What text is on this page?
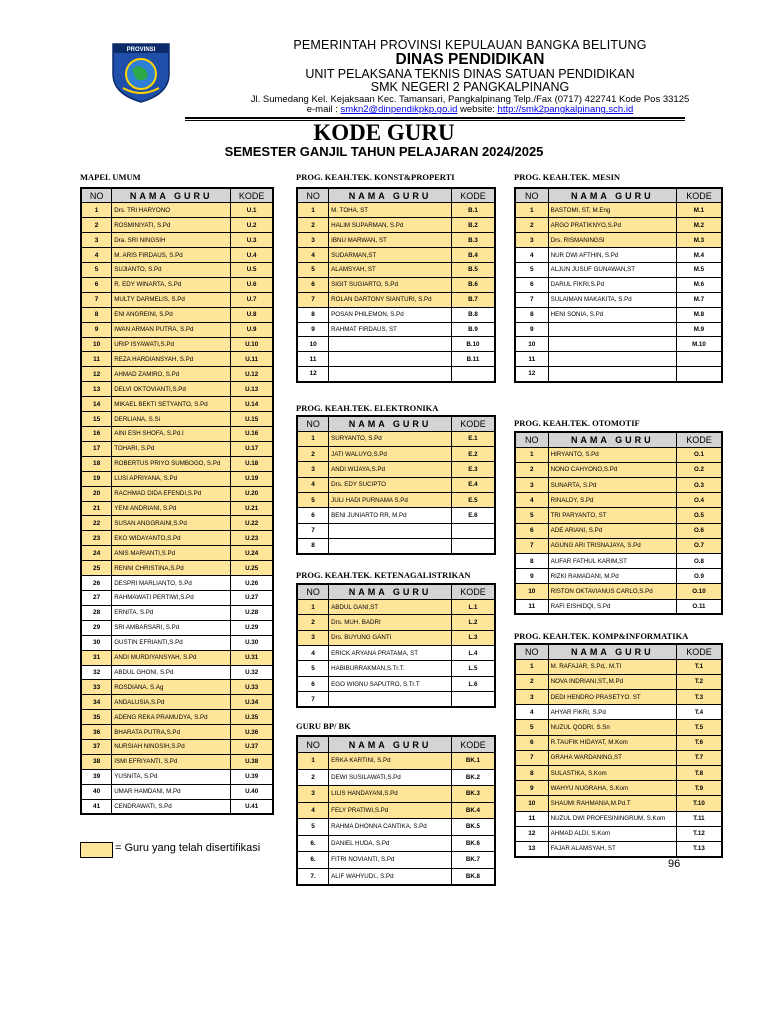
PROVINSI	PEMERINTAH PROVINSI KEPULAUAN BANGKA BELITUNG
DINAS PENDIDIKAN
UNIT PELAKSANA TEKNIS DINAS SATUAN PENDIDIKAN
SMK NEGERI 2 PANGKALPINANG
Jl. Sumedang Kel. Kejaksaan Kec. Tamansari, Pangkalpinang Telp./Fax (0717) 422741 Kode Pos 33125
e-mail : smkn2@dinpendikpkp.go.id website: http://smk2pangkalpinang.sch.id
KODE GURU
SEMESTER GANJIL TAHUN PELAJARAN 2024/2025
MAPEL UMUM	PROG. KEAH.TEK. KONST&PROPERTI	PROG. KEAH.TEK. MESIN
PROG. KEAH.TEK. ELEKTRONIKA
PROG. KEAH.TEK. OTOMOTIF
PROG. KEAH.TEK. KETENAGALISTRIKAN
PROG. KEAH.TEK. KOMP&INFORMATIKA
GURU BP/ BK
NO	NAMA GURU	KODE
1	Drs. TRI HARYONO	U.1
2	ROSMINIYATI, S.Pd	U.2
3	Dra. SRI NINGSIH	U.3
4	M. ARIS FIRDAUS, S.Pd	U.4
5	SUJIANTO, S.Pd	U.5
6	R. EDY WINARTA, S.Pd	U.6
7	MULTY DARMELIS, S.Pd	U.7
8	ENI ANGREINI, S.Pd	U.8
9	IWAN ARMAN PUTRA, S.Pd	U.9
10	URIP ISYAWATI,S.Pd	U.10
11	REZA HARDIANSYAH, S.Pd	U.11
12	AHMAD ZAMIRO, S.Pd	U.12
13	DELVI OKTOVIANTI,S.Pd	U.13
14	MIKAEL BEKTI SETYANTO, S.Pd	U.14
15	DERLIANA, S.Si	U.15
16	AINI ESH SHOFA, S.Pd.I	U.16
17	TOHARI, S.Pd	U.17
18	ROBERTUS PRIYO SUMBOGO, S.Pd	U.18
19	LUSI APRIYANA, S.Pd	U.19
20	RACHMAD DIDA EFENDI,S.Pd	U.20
21	YENI ANDRIANI, S.Pd	U.21
22	SUSAN ANGGRAINI,S.Pd	U.22
23	EKO WIDAYANTO,S.Pd	U.23
24	ANIS MARIANTI,S.Pd	U.24
25	RENNI CHRISTINA,S.Pd	U.25
26	DESPRI MARLIANTO, S.Pd	U.26
27	RAHMAWATI PERTIWI,S.Pd	U.27
28	ERNITA, S.Pd	U.28
29	SRI AMBARSARI, S.Pd	U.29
30	GUSTIN EFRIANTI,S.Pd	U.30
31	ANDI MURDIYANSYAH, S.Pd	U.31
32	ABDUL GHONI, S.Pd	U.32
33	ROSDIANA, S.Ag	U.33
34	ANDALUSIA,S.Pd	U.34
35	ADENG REKA PRAMUDYA, S.Pd	U.35
36	BHARATA PUTRA,S.Pd	U.36
37	NURSIAH NINGSIH,S.Pd	U.37
38	ISMI EFRIYANTI, S.Pd	U.38
39	YUSNITA, S.Pd	U.39
40	UMAR HAMDANI, M.Pd	U.40
41	CENDRAWATI, S.Pd	U.41
NO	NAMA GURU	KODE
1	M. TOHA, ST	B.1
2	HALIM SUPARMAN, S.Pd	B.2
3	IBNU MARWAN, ST	B.3
4	SUDARMAN,ST	B.4
5	ALAMSYAH, ST	B.5
6	SIGIT SUGIARTO, S.Pd	B.6
7	ROLAN DARTONY SIANTURI, S.Pd	B.7
8	POSAN PHILEMON, S.Pd	B.8
9	RAHMAT FIRDAUS, ST	B.9
10		B.10
11		B.11
12		
NO	NAMA GURU	KODE
1	BASTOMI, ST, M.Eng	M.1
2	ARGO PRATIKNYO,S.Pd	M.2
3	Drs. RISMANINGSI	M.3
4	NUR DWI AFTHIN, S.Pd	M.4
5	ALJUN JUSUF GUNAWAN,ST	M.5
6	DARUL FIKRI,S.Pd	M.6
7	SULAIMAN MAKAKITA, S.Pd	M.7
8	HENI SONIA, S.Pd	M.8
9		M.9
10		M.10
11		
12		
NO	NAMA GURU	KODE
1	SURYANTO, S.Pd	E.1
2	JATI WALUYO,S.Pd	E.2
3	ANDI WIJAYA,S.Pd	E.3
4	Drs. EDY SUCIPTO	E.4
5	JULI HADI PURNAMA S.Pd	E.5
6	BENI JUNIARTO RR, M.Pd	E.6
7		
8		
NO	NAMA GURU	KODE
1	HIRYANTO, S.Pd	O.1
2	NONO CAHYONO,S.Pd	O.2
3	SUNARTA, S.Pd	O.3
4	RINALDY, S.Pd	O.4
5	TRI PARYANTO, ST	O.5
6	ADE ARIANI, S.Pd	O.6
7	AGUNG ARI TRISNAJAYA, S.Pd	O.7
8	AUFAR FATHUL KARIM,ST	O.8
9	RIZKI RAMADANI, M.Pd	O.9
10	RISTON OKTAVIANUS CARLO,S.Pd	O.10
11	RAFI EISHIDQI, S.Pd	O.11
NO	NAMA GURU	KODE
1	ABDUL GANI,ST	L.1
2	Drs. MUH. BADRI	L.2
3	Drs. BUYUNG GANTI	L.3
4	ERICK ARYANA PRATAMA, ST	L.4
5	HABIBURRAKMAN,S.Tr.T.	L.5
6	EGO WIGNU SAPUTRO, S.Tr.T	L.6
7		
NO	NAMA GURU	KODE
1	M. RAFAJAR, S.Pd,. M.TI	T.1
2	NOVA INDRIANI,ST.,M.Pd	T.2
3	DEDI HENDRO PRASETYO. ST	T.3
4	AHYAR FIKRI, S.Pd	T.4
5	NUZUL QODRI, S.Sn	T.5
6	R.TAUFIK HIDAYAT, M.Kom	T.6
7	GRAHA WARDANING,ST	T.7
8	SULASTIKA, S.Kom	T.8
9	WAHYU NUGRAHA, S.Kom	T.9
10	SHAUMI RAHMANIA,M.Pd.T	T.10
11	NUZUL DWI PROFESININGRUM, S.Kom	T.11
12	AHMAD ALDI, S.Kom	T.12
13	FAJAR ALAMSYAH, ST	T.13
NO	NAMA GURU	KODE
1	ERKA KARTINI, S.Pd	BK.1
2	DEWI SUSILAWATI,S.Pd	BK.2
3	LILIS HANDAYANI,S.Pd	BK.3
4	FELY PRATIWI,S.Pd	BK.4
5	RAHMA DHONNA CANTIKA, S.Pd	BK.5
6.	DANIEL HUDA, S.Pd	BK.6
6.	FITRI NOVIANTI, S.Pd	BK.7
7.	ALIF WAHYUDI., S.Pd	BK.8
= Guru yang telah disertifikasi
96
